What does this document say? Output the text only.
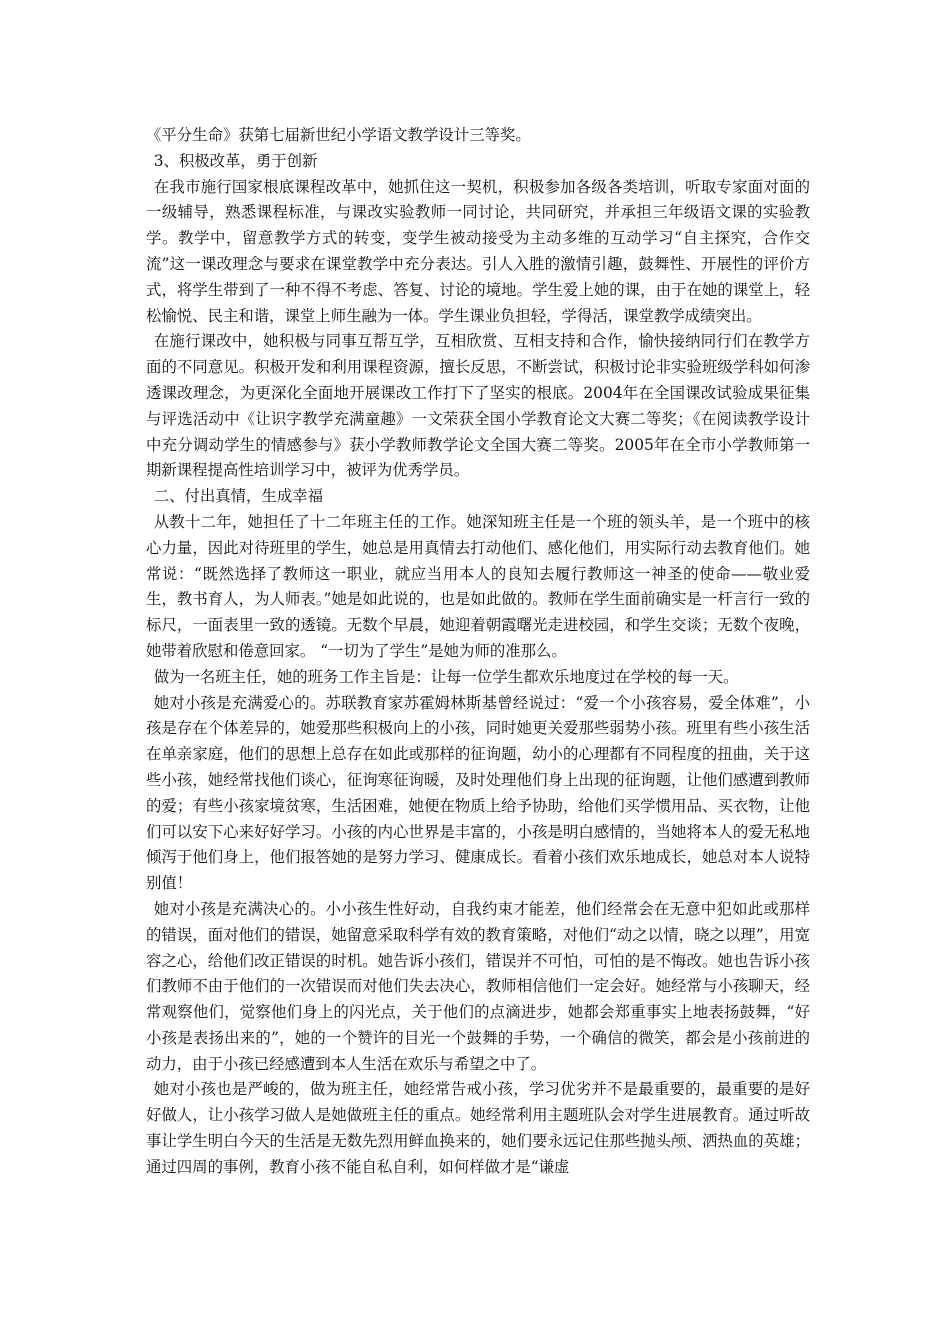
《平分生命》获第七届新世纪小学语文教学设计三等奖。

3、积极改革，勇于创新

在我市施行国家根底课程改革中，她抓住这一契机，积极参加各级各类培训，听取专家面对面的一级辅导，熟悉课程标准，与课改实验教师一同讨论，共同研究，并承担三年级语文课的实验教学。教学中，留意教学方式的转变，变学生被动接受为主动多维的互动学习“自主探究，合作交流”这一课改理念与要求在课堂教学中充分表达。引人入胜的激情引趣，鼓舞性、开展性的评价方式，将学生带到了一种不得不考虑、答复、讨论的境地。学生爱上她的课，由于在她的课堂上，轻松愉悦、民主和谐，课堂上师生融为一体。学生课业负担轻，学得活，课堂教学成绩突出。

在施行课改中，她积极与同事互帮互学，互相欣赏、互相支持和合作，愉快接纳同行们在教学方面的不同意见。积极开发和利用课程资源，擅长反思，不断尝试，积极讨论非实验班级学科如何渗透课改理念，为更深化全面地开展课改工作打下了坚实的根底。2004年在全国课改试验成果征集与评选活动中《让识字教学充满童趣》一文荣获全国小学教育论文大赛二等奖；《在阅读教学设计中充分调动学生的情感参与》获小学教师教学论文全国大赛二等奖。2005年在全市小学教师第一期新课程提高性培训学习中，被评为优秀学员。

二、付出真情，生成幸福

从教十二年，她担任了十二年班主任的工作。她深知班主任是一个班的领头羊，是一个班中的核心力量，因此对待班里的学生，她总是用真情去打动他们、感化他们，用实际行动去教育他们。她常说：“既然选择了教师这一职业，就应当用本人的良知去履行教师这一神圣的使命——敬业爱生，教书育人，为人师表。”她是如此说的，也是如此做的。教师在学生面前确实是一杆言行一致的标尺，一面表里一致的透镜。无数个早晨，她迎着朝霞曙光走进校园，和学生交谈；无数个夜晚，她带着欣慰和倦意回家。 “一切为了学生”是她为师的准那么。

做为一名班主任，她的班务工作主旨是：让每一位学生都欢乐地度过在学校的每一天。

她对小孩是充满爱心的。苏联教育家苏霍姆林斯基曾经说过：“爱一个小孩容易，爱全体难”，小孩是存在个体差异的，她爱那些积极向上的小孩，同时她更关爱那些弱势小孩。班里有些小孩生活在单亲家庭，他们的思想上总存在如此或那样的征询题，幼小的心理都有不同程度的扭曲，关于这些小孩，她经常找他们谈心，征询寒征询暖，及时处理他们身上出现的征询题，让他们感遭到教师的爱；有些小孩家境贫寒，生活困难，她便在物质上给予协助，给他们买学惯用品、买衣物，让他们可以安下心来好好学习。小孩的内心世界是丰富的，小孩是明白感情的，当她将本人的爱无私地倾泻于他们身上，他们报答她的是努力学习、健康成长。看着小孩们欢乐地成长，她总对本人说特别值！

她对小孩是充满决心的。小小孩生性好动，自我约束才能差，他们经常会在无意中犯如此或那样的错误，面对他们的错误，她留意采取科学有效的教育策略，对他们“动之以情，晓之以理”，用宽容之心，给他们改正错误的时机。她告诉小孩们，错误并不可怕，可怕的是不悔改。她也告诉小孩们教师不由于他们的一次错误而对他们失去决心，教师相信他们一定会好。她经常与小孩聊天，经常观察他们，觉察他们身上的闪光点，关于他们的点滴进步，她都会郑重事实上地表扬鼓舞，“好小孩是表扬出来的”，她的一个赞许的目光一个鼓舞的手势，一个确信的微笑，都会是小孩前进的动力，由于小孩已经感遭到本人生活在欢乐与希望之中了。

她对小孩也是严峻的，做为班主任，她经常告戒小孩，学习优劣并不是最重要的，最重要的是好好做人，让小孩学习做人是她做班主任的重点。她经常利用主题班队会对学生进展教育。通过听故事让学生明白今天的生活是无数先烈用鲜血换来的，她们要永远记住那些抛头颅、洒热血的英雄；通过四周的事例，教育小孩不能自私自利，如何样做才是“谦虚
